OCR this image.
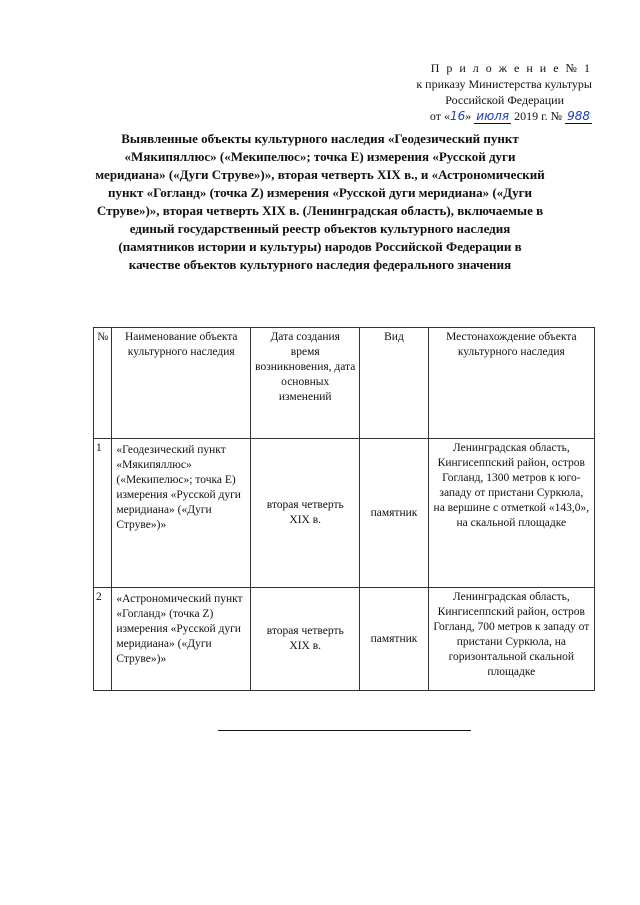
П р и л о ж е н и е № 1
к приказу Министерства культуры
Российской Федерации
от «16» июля 2019 г. № 988
Выявленные объекты культурного наследия «Геодезический пункт «Мякипяллюс» («Мекипелюс»; точка Е) измерения «Русской дуги меридиана» («Дуги Струве»)», вторая четверть XIX в., и «Астрономический пункт «Гогланд» (точка Z) измерения «Русской дуги меридиана» («Дуги Струве»)», вторая четверть XIX в. (Ленинградская область), включаемые в единый государственный реестр объектов культурного наследия (памятников истории и культуры) народов Российской Федерации в качестве объектов культурного наследия федерального значения
№	Наименование объекта культурного наследия	Дата создания время возникновения, дата основных изменений	Вид	Местонахождение объекта культурного наследия
1	«Геодезический пункт «Мякипяллюс» («Мекипелюс»; точка Е) измерения «Русской дуги меридиана» («Дуги Струве»)»	вторая четверть XIX в.	памятник	Ленинградская область, Кингисеппский район, остров Гогланд, 1300 метров к юго-западу от пристани Суркюла, на вершине с отметкой «143,0», на скальной площадке
2	«Астрономический пункт «Гогланд» (точка Z) измерения «Русской дуги меридиана» («Дуги Струве»)»	вторая четверть XIX в.	памятник	Ленинградская область, Кингисеппский район, остров Гогланд, 700 метров к западу от пристани Суркюла, на горизонтальной скальной площадке
